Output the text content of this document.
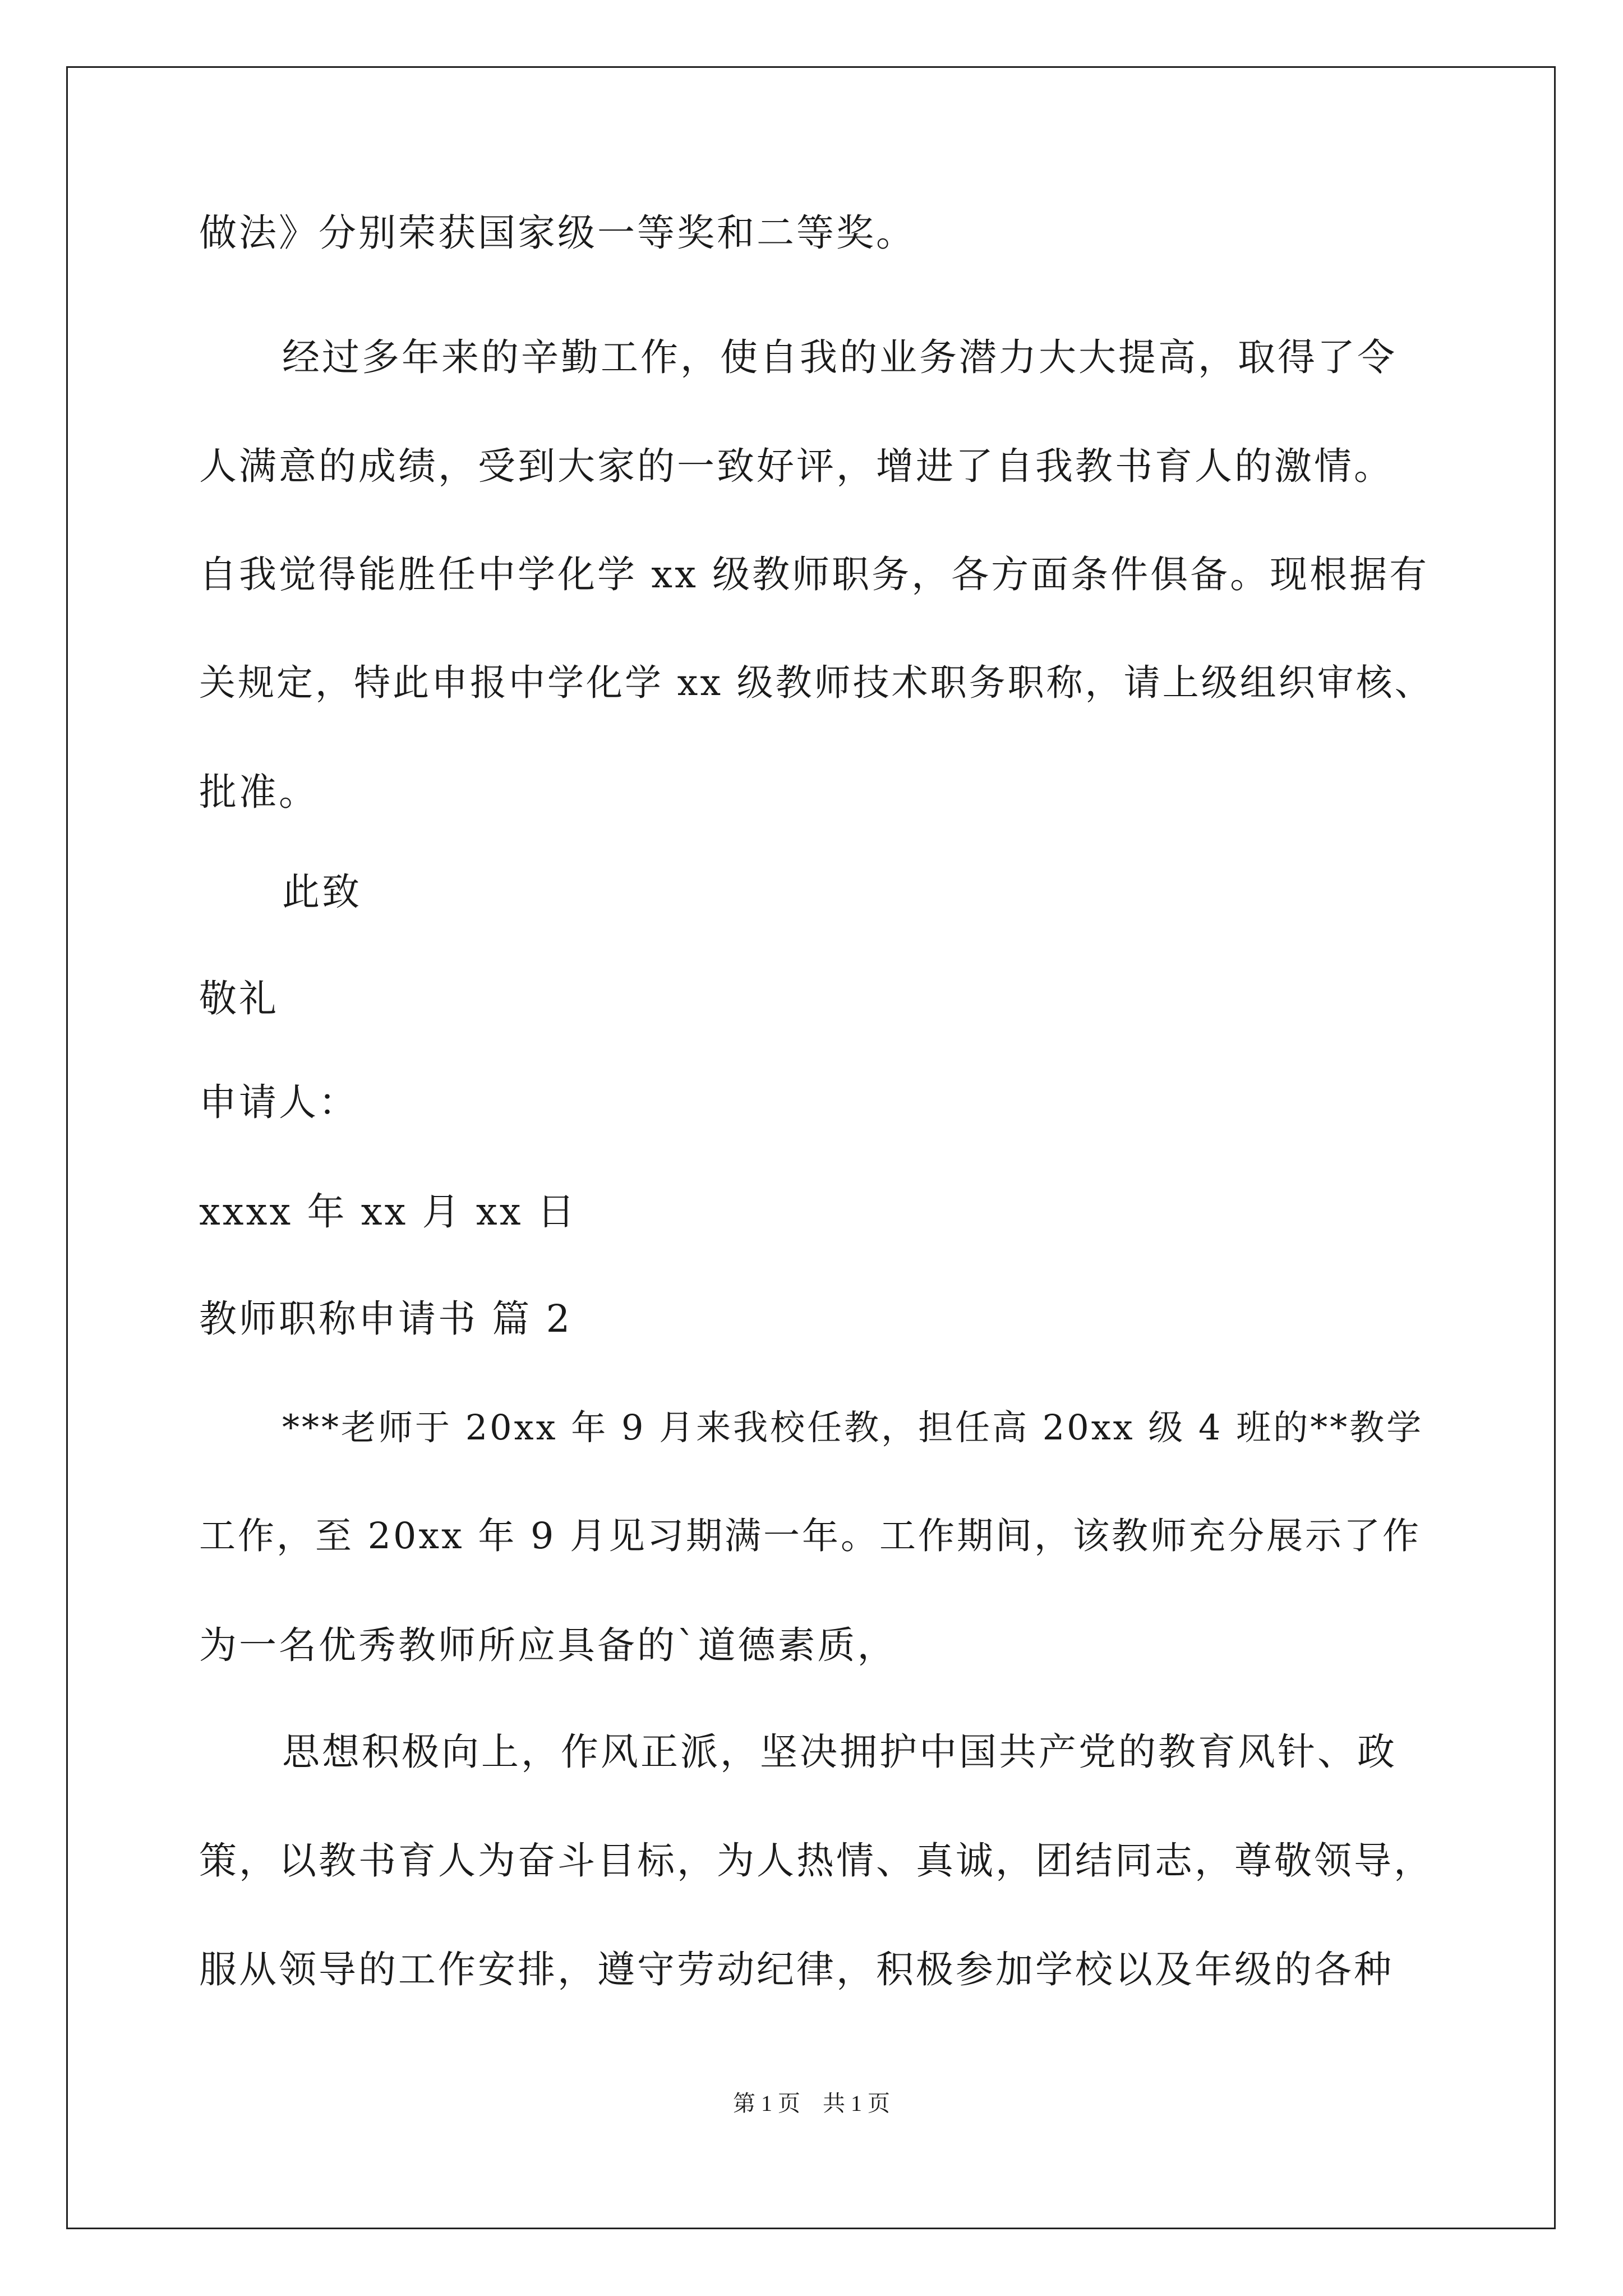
做法》分别荣获国家级一等奖和二等奖。
经过多年来的辛勤工作，使自我的业务潜力大大提高，取得了令
人满意的成绩，受到大家的一致好评，增进了自我教书育人的激情。
自我觉得能胜任中学化学 xx 级教师职务，各方面条件俱备。现根据有
关规定，特此申报中学化学 xx 级教师技术职务职称，请上级组织审核、
批准。
此致
敬礼
申请人：
xxxx 年 xx 月 xx 日
教师职称申请书 篇 2
***老师于 20xx 年 9 月来我校任教，担任高 20xx 级 4 班的**教学
工作，至 20xx 年 9 月见习期满一年。工作期间，该教师充分展示了作
为一名优秀教师所应具备的`道德素质，
思想积极向上，作风正派，坚决拥护中国共产党的教育风针、政
策，以教书育人为奋斗目标，为人热情、真诚，团结同志，尊敬领导，
服从领导的工作安排，遵守劳动纪律，积极参加学校以及年级的各种
第 1 页　共 1 页
